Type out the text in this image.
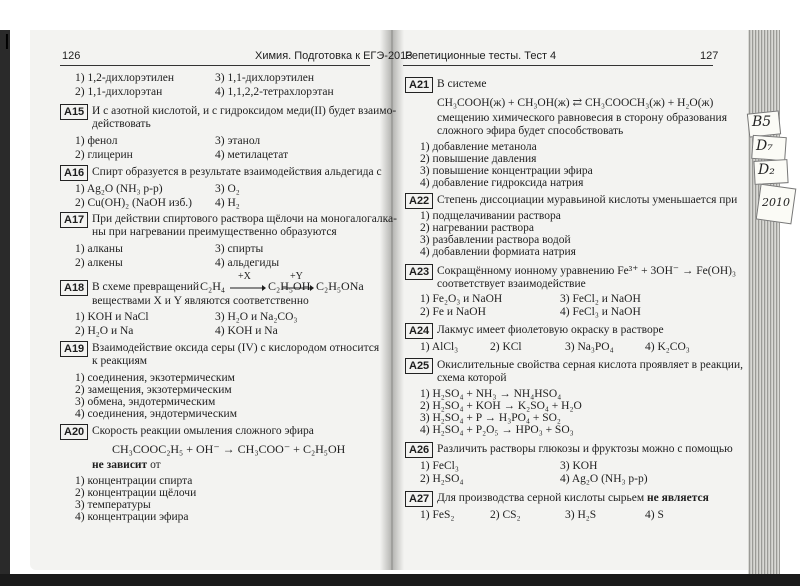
I
126	Химия. Подготовка к ЕГЭ-2013
1) 1,2-дихлорэтилен	3) 1,1-дихлорэтилен
2) 1,1-дихлорэтан	4) 1,1,2,2-тетрахлорэтан
A15 И с азотной кислотой, и с гидроксидом меди(II) будет взаимо-
действовать
1) фенол	3) этанол
2) глицерин	4) метилацетат
A16 Спирт образуется в результате взаимодействия альдегида с
1) Ag₂O (NH₃ р-р)	3) O₂
2) Cu(OH)₂ (NaOH изб.) 4) H₂
A17 При действии спиртового раствора щёлочи на моногалогалка-
ны при нагревании преимущественно образуются
1) алканы	3) спирты
2) алкены	4) альдегиды
A18 В схеме превращений C₂H₄
+X
C₂H₅OH
+Y
C₂H₅ONa
веществами X и Y являются соответственно
1) KOH и NaCl	3) H₂O и Na₂CO₃
2) H₂O и Na	4) KOH и Na
A19 Взаимодействие оксида серы (IV) с кислородом относится
к реакциям
1) соединения, экзотермическим
2) замещения, экзотермическим
3) обмена, эндотермическим
4) соединения, эндотермическим
A20 Скорость реакции омыления сложного эфира
CH₃COOC₂H₅ + OH⁻ → CH₃COO⁻ + C₂H₅OH
не зависит от
1) концентрации спирта
2) концентрации щёлочи
3) температуры
4) концентрации эфира
Репетиционные тесты. Тест 4	127
A21 В системе
CH₃COOH(ж) + CH₃OH(ж) ⇄ CH₃COOCH₃(ж) + H₂O(ж)
смещению химического равновесия в сторону образования
сложного эфира будет способствовать
1) добавление метанола
2) повышение давления
3) повышение концентрации эфира
4) добавление гидроксида натрия
A22 Степень диссоциации муравьиной кислоты уменьшается при
1) подщелачивании раствора
2) нагревании раствора
3) разбавлении раствора водой
4) добавлении формиата натрия
A23 Сокращённому ионному уравнению Fe³⁺ + 3OH⁻ → Fe(OH)₃
соответствует взаимодействие
1) Fe₂O₃ и NaOH	3) FeCl₂ и NaOH
2) Fe и NaOH	4) FeCl₃ и NaOH
A24 Лакмус имеет фиолетовую окраску в растворе
1) AlCl₃	2) KCl	3) Na₃PO₄	4) K₂CO₃
A25 Окислительные свойства серная кислота проявляет в реакции,
схема которой
1) H₂SO₄ + NH₃ → NH₄HSO₄
2) H₂SO₄ + KOH → K₂SO₄ + H₂O
3) H₂SO₄ + P → H₃PO₄ + SO₂
4) H₂SO₄ + P₂O₅ → HPO₃ + SO₃
A26 Различить растворы глюкозы и фруктозы можно с помощью
1) FeCl₃	3) KOH
2) H₂SO₄	4) Ag₂O (NH₃ р-р)
A27 Для производства серной кислоты сырьем не является
1) FeS₂	2) CS₂	3) H₂S	4) S
B5
D₇
D₂
2010
